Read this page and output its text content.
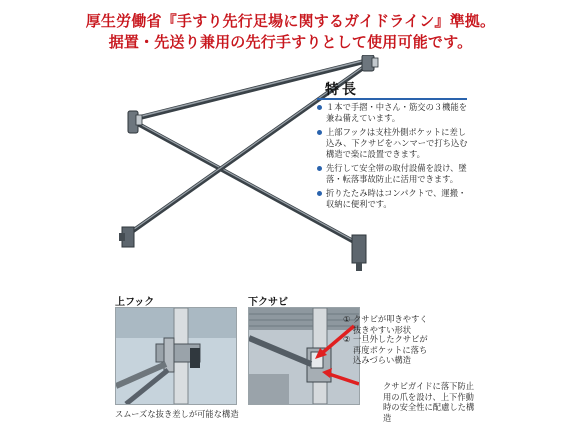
厚生労働省『手すり先行足場に関するガイドライン』準拠。
据置・先送り兼用の先行手すりとして使用可能です。
特長
１本で手摺・中さん・筋交の３機能を兼ね備えています。
上部フックは支柱外側ポケットに差し込み、下クサビをハンマーで打ち込む構造で楽に設置できます。
先行して安全帯の取付設備を設け、墜落・転落事故防止に活用できます。
折りたたみ時はコンパクトで、運搬・収納に便利です。
上フック
スムーズな抜き差しが可能な構造
下クサビ
① クサビが叩きやすく
抜きやすい形状
② 一旦外したクサビが
再度ポケットに落ち
込みづらい構造
クサビガイドに落下防止
用の爪を設け、上下作動
時の安全性に配慮した構
造
